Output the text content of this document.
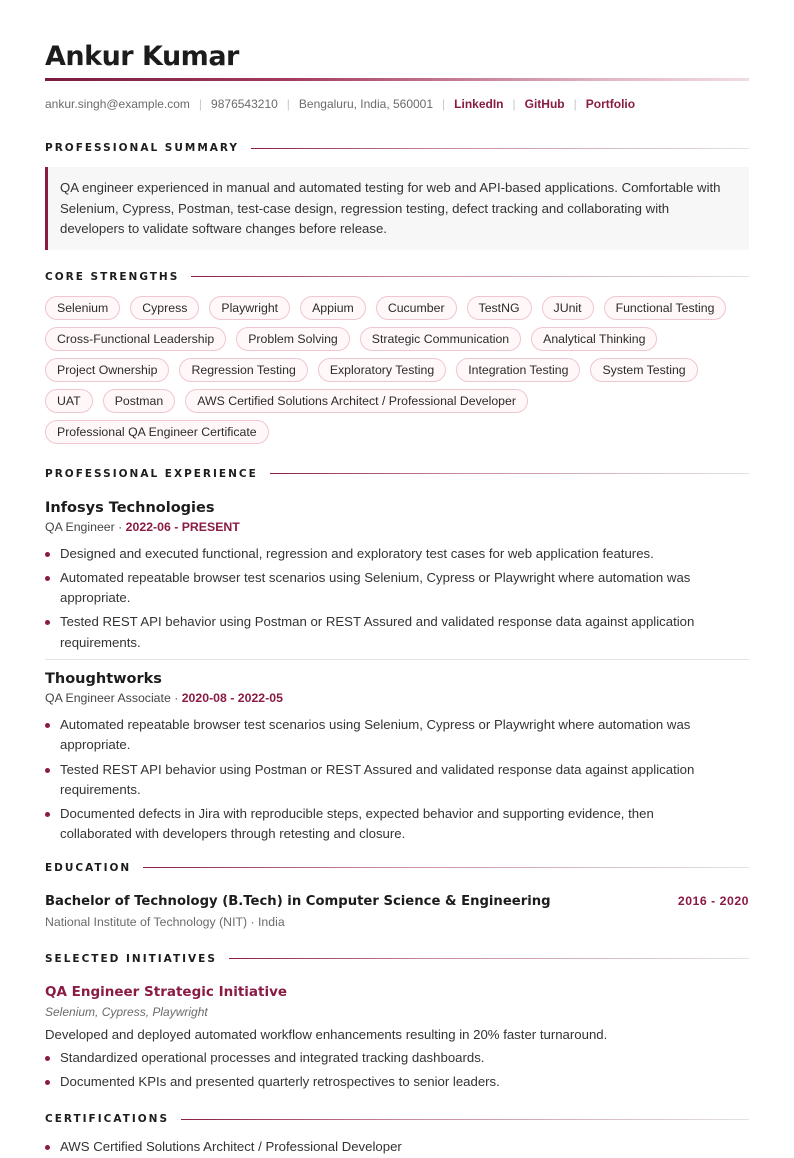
Ankur Kumar
ankur.singh@example.com | 9876543210 | Bengaluru, India, 560001 | LinkedIn | GitHub | Portfolio
PROFESSIONAL SUMMARY
QA engineer experienced in manual and automated testing for web and API-based applications. Comfortable with Selenium, Cypress, Postman, test-case design, regression testing, defect tracking and collaborating with developers to validate software changes before release.
CORE STRENGTHS
Selenium	Cypress	Playwright	Appium	Cucumber	TestNG	JUnit	Functional Testing
Cross-Functional Leadership	Problem Solving	Strategic Communication	Analytical Thinking
Project Ownership	Regression Testing	Exploratory Testing	Integration Testing	System Testing
UAT	Postman	AWS Certified Solutions Architect / Professional Developer
Professional QA Engineer Certificate
PROFESSIONAL EXPERIENCE
Infosys Technologies
QA Engineer · 2022-06 - PRESENT
Designed and executed functional, regression and exploratory test cases for web application features.
Automated repeatable browser test scenarios using Selenium, Cypress or Playwright where automation was appropriate.
Tested REST API behavior using Postman or REST Assured and validated response data against application requirements.
Thoughtworks
QA Engineer Associate · 2020-08 - 2022-05
Automated repeatable browser test scenarios using Selenium, Cypress or Playwright where automation was appropriate.
Tested REST API behavior using Postman or REST Assured and validated response data against application requirements.
Documented defects in Jira with reproducible steps, expected behavior and supporting evidence, then collaborated with developers through retesting and closure.
EDUCATION
Bachelor of Technology (B.Tech) in Computer Science & Engineering	2016 - 2020
National Institute of Technology (NIT) · India
SELECTED INITIATIVES
QA Engineer Strategic Initiative
Selenium, Cypress, Playwright
Developed and deployed automated workflow enhancements resulting in 20% faster turnaround.
Standardized operational processes and integrated tracking dashboards.
Documented KPIs and presented quarterly retrospectives to senior leaders.
CERTIFICATIONS
AWS Certified Solutions Architect / Professional Developer
